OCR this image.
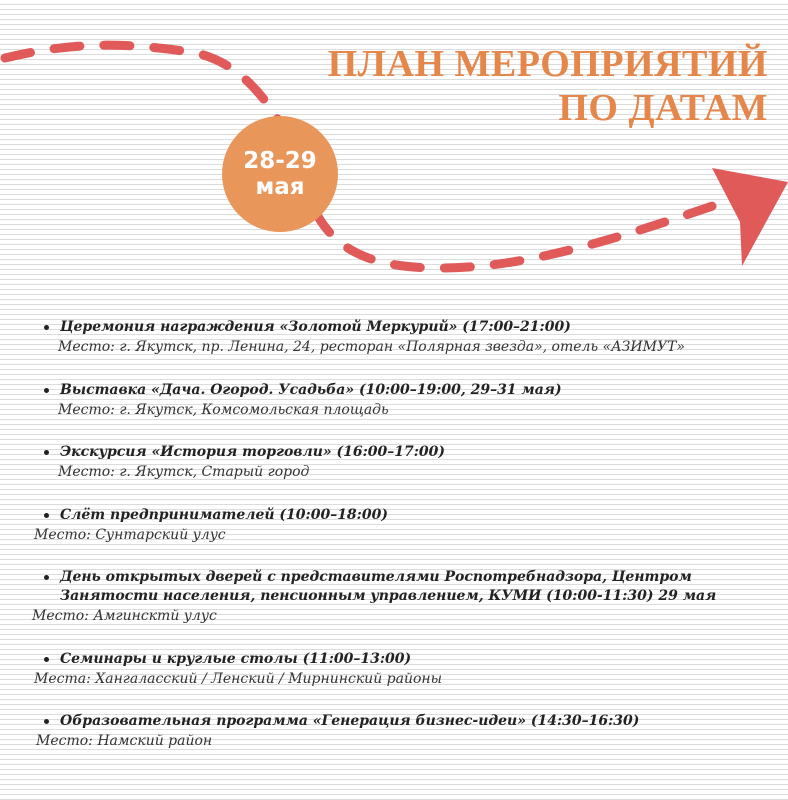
ПЛАН МЕРОПРИЯТИЙ
ПО ДАТАМ
28-29
мая
Церемония награждения «Золотой Меркурий» (17:00–21:00)
Место: г. Якутск, пр. Ленина, 24, ресторан «Полярная звезда», отель «АЗИМУТ»
Выставка «Дача. Огород. Усадьба» (10:00–19:00, 29–31 мая)
Место: г. Якутск, Комсомольская площадь
Экскурсия «История торговли» (16:00–17:00)
Место: г. Якутск, Старый город
Слёт предпринимателей (10:00–18:00)
Место: Сунтарский улус
День открытых дверей с представителями Роспотребнадзора, Центром Занятости населения, пенсионным управлением, КУМИ (10:00-11:30) 29 мая
Место: Амгинсктй улус
Семинары и круглые столы (11:00–13:00)
Места: Хангаласский / Ленский / Мирнинский районы
Образовательная программа «Генерация бизнес-идеи» (14:30–16:30)
Место: Намский район
